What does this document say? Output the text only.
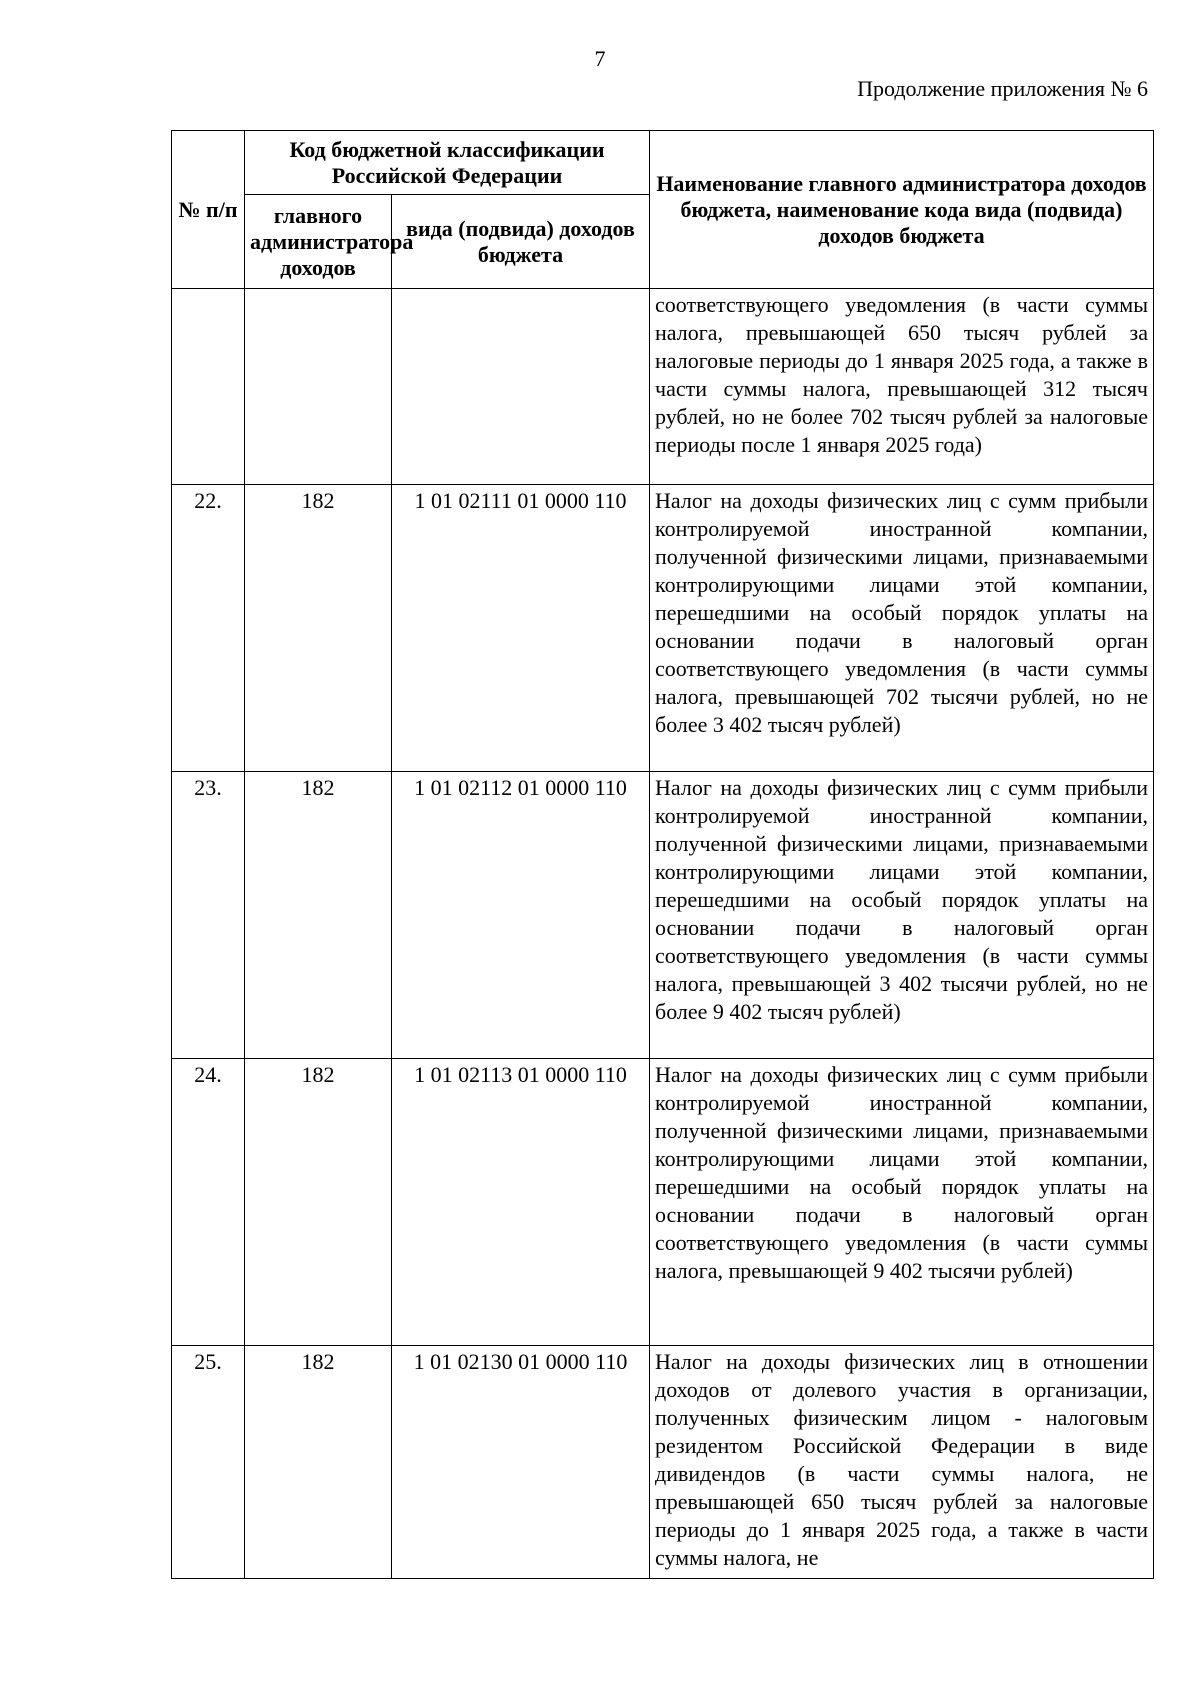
7
Продолжение приложения № 6
№ п/п	Код бюджетной классификации Российской Федерации		Наименование главного администратора доходов бюджета, наименование кода вида (подвида) доходов бюджета
	главного администратора доходов	вида (подвида) доходов бюджета	
			соответствующего уведомления (в части суммы налога, превышающей 650 тысяч рублей за налоговые периоды до 1 января 2025 года, а также в части суммы налога, превышающей 312 тысяч рублей, но не более 702 тысяч рублей за налоговые периоды после 1 января 2025 года)
22.	182	1 01 02111 01 0000 110	Налог на доходы физических лиц с сумм прибыли контролируемой иностранной компании, полученной физическими лицами, признаваемыми контролирующими лицами этой компании, перешедшими на особый порядок уплаты на основании подачи в налоговый орган соответствующего уведомления (в части суммы налога, превышающей 702 тысячи рублей, но не более 3 402 тысяч рублей)
23.	182	1 01 02112 01 0000 110	Налог на доходы физических лиц с сумм прибыли контролируемой иностранной компании, полученной физическими лицами, признаваемыми контролирующими лицами этой компании, перешедшими на особый порядок уплаты на основании подачи в налоговый орган соответствующего уведомления (в части суммы налога, превышающей 3 402 тысячи рублей, но не более 9 402 тысяч рублей)
24.	182	1 01 02113 01 0000 110	Налог на доходы физических лиц с сумм прибыли контролируемой иностранной компании, полученной физическими лицами, признаваемыми контролирующими лицами этой компании, перешедшими на особый порядок уплаты на основании подачи в налоговый орган соответствующего уведомления (в части суммы налога, превышающей 9 402 тысячи рублей)
25.	182	1 01 02130 01 0000 110	Налог на доходы физических лиц в отношении доходов от долевого участия в организации, полученных физическим лицом - налоговым резидентом Российской Федерации в виде дивидендов (в части суммы налога, не превышающей 650 тысяч рублей за налоговые периоды до 1 января 2025 года, а также в части суммы налога, не
